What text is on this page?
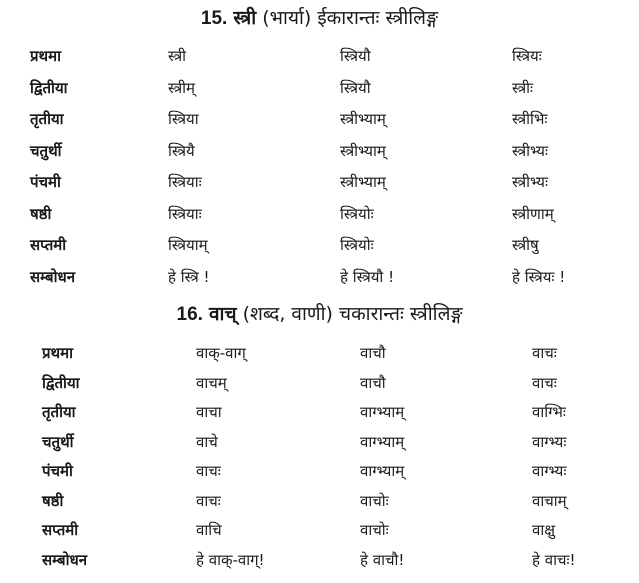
15. स्त्री (भार्या) ईकारान्तः स्त्रीलिङ्ग
प्रथमा	स्त्री	स्त्रियौ	स्त्रियः
द्वितीया	स्त्रीम्	स्त्रियौ	स्त्रीः
तृतीया	स्त्रिया	स्त्रीभ्याम्	स्त्रीभिः
चतुर्थी	स्त्रियै	स्त्रीभ्याम्	स्त्रीभ्यः
पंचमी	स्त्रियाः	स्त्रीभ्याम्	स्त्रीभ्यः
षष्ठी	स्त्रियाः	स्त्रियोः	स्त्रीणाम्
सप्तमी	स्त्रियाम्	स्त्रियोः	स्त्रीषु
सम्बोधन	हे स्त्रि !	हे स्त्रियौ !	हे स्त्रियः !
16. वाच् (शब्द, वाणी) चकारान्तः स्त्रीलिङ्ग
प्रथमा	वाक्-वाग्	वाचौ	वाचः
द्वितीया	वाचम्	वाचौ	वाचः
तृतीया	वाचा	वाग्भ्याम्	वाग्भिः
चतुर्थी	वाचे	वाग्भ्याम्	वाग्भ्यः
पंचमी	वाचः	वाग्भ्याम्	वाग्भ्यः
षष्ठी	वाचः	वाचोः	वाचाम्
सप्तमी	वाचि	वाचोः	वाक्षु
सम्बोधन	हे वाक्-वाग्!	हे वाचौ!	हे वाचः!
